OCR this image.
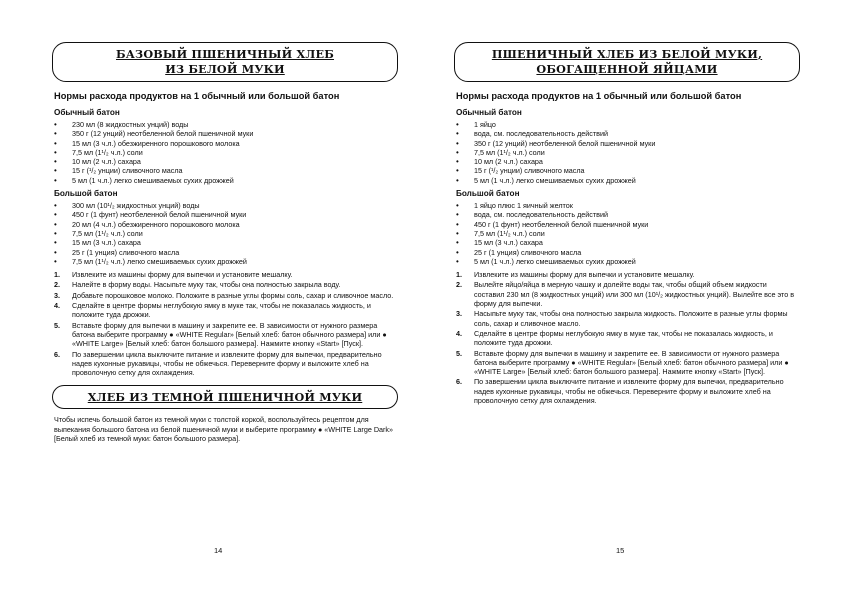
БАЗОВЫЙ ПШЕНИЧНЫЙ ХЛЕБ
ИЗ БЕЛОЙ МУКИ

Нормы расхода продуктов на 1 обычный или большой батон

Обычный батон

• 230 мл (8 жидкостных унций) воды
• 350 г (12 унций) неотбеленной белой пшеничной муки
• 15 мл (3 ч.л.) обезжиренного порошкового молока
• 7,5 мл (1¹/₂ ч.л.) соли
• 10 мл (2 ч.л.) сахара
• 15 г (¹/₂ унции) сливочного масла
• 5 мл (1 ч.л.) легко смешиваемых сухих дрожжей

Большой батон

• 300 мл (10¹/₂ жидкостных унций) воды
• 450 г (1 фунт) неотбеленной белой пшеничной муки
• 20 мл (4 ч.л.) обезжиренного порошкового молока
• 7,5 мл (1¹/₂ ч.л.) соли
• 15 мл (3 ч.л.) сахара
• 25 г (1 унция) сливочного масла
• 7,5 мл (1¹/₂ ч.л.) легко смешиваемых сухих дрожжей
1. Извлеките из машины форму для выпечки и установите мешалку.
2. Налейте в форму воды. Насыпьте муку так, чтобы она полностью закрыла воду.
3. Добавьте порошковое молоко. Положите в разные углы формы соль, сахар и сливочное масло.
4. Сделайте в центре формы неглубокую ямку в муке так, чтобы не показалась жидкость, и положите туда дрожжи.
5. Вставьте форму для выпечки в машину и закрепите ее. В зависимости от нужного размера батона выберите программу ● «WHITE Regular» [Белый хлеб: батон обычного размера] или ● «WHITE Large» [Белый хлеб: батон большого размера]. Нажмите кнопку «Start» [Пуск].
6. По завершении цикла выключите питание и извлеките форму для выпечки, предварительно надев кухонные рукавицы, чтобы не обжечься. Переверните форму и выложите хлеб на проволочную сетку для охлаждения.
ХЛЕБ ИЗ ТЕМНОЙ ПШЕНИЧНОЙ МУКИ

Чтобы испечь большой батон из темной муки с толстой коркой, воспользуйтесь рецептом для выпекания большого батона из белой пшеничной муки и выберите программу ● «WHITE Large Dark» [Белый хлеб из темной муки: батон большого размера].

14
ПШЕНИЧНЫЙ ХЛЕБ ИЗ БЕЛОЙ МУКИ,
ОБОГАЩЕННОЙ ЯЙЦАМИ

Нормы расхода продуктов на 1 обычный или большой батон

Обычный батон

• 1 яйцо
• вода, см. последовательность действий
• 350 г (12 унций) неотбеленной белой пшеничной муки
• 7,5 мл (1¹/₂ ч.л.) соли
• 10 мл (2 ч.л.) сахара
• 15 г (¹/₂ унции) сливочного масла
• 5 мл (1 ч.л.) легко смешиваемых сухих дрожжей

Большой батон

• 1 яйцо плюс 1 яичный желток
• вода, см. последовательность действий
• 450 г (1 фунт) неотбеленной белой пшеничной муки
• 7,5 мл (1¹/₂ ч.л.) соли
• 15 мл (3 ч.л.) сахара
• 25 г (1 унция) сливочного масла
• 5 мл (1 ч.л.) легко смешиваемых сухих дрожжей
1. Извлеките из машины форму для выпечки и установите мешалку.
2. Вылейте яйцо/яйца в мерную чашку и долейте воды так, чтобы общий объем жидкости составил 230 мл (8 жидкостных унций) или 300 мл (10¹/₂ жидкостных унций). Вылейте все это в форму для выпечки.
3. Насыпьте муку так, чтобы она полностью закрыла жидкость. Положите в разные углы формы соль, сахар и сливочное масло.
4. Сделайте в центре формы неглубокую ямку в муке так, чтобы не показалась жидкость, и положите туда дрожжи.
5. Вставьте форму для выпечки в машину и закрепите ее. В зависимости от нужного размера батона выберите программу ● «WHITE Regular» [Белый хлеб: батон обычного размера] или ● «WHITE Large» [Белый хлеб: батон большого размера]. Нажмите кнопку «Start» [Пуск].
6. По завершении цикла выключите питание и извлеките форму для выпечки, предварительно надев кухонные рукавицы, чтобы не обжечься. Переверните форму и выложите хлеб на проволочную сетку для охлаждения.
15
